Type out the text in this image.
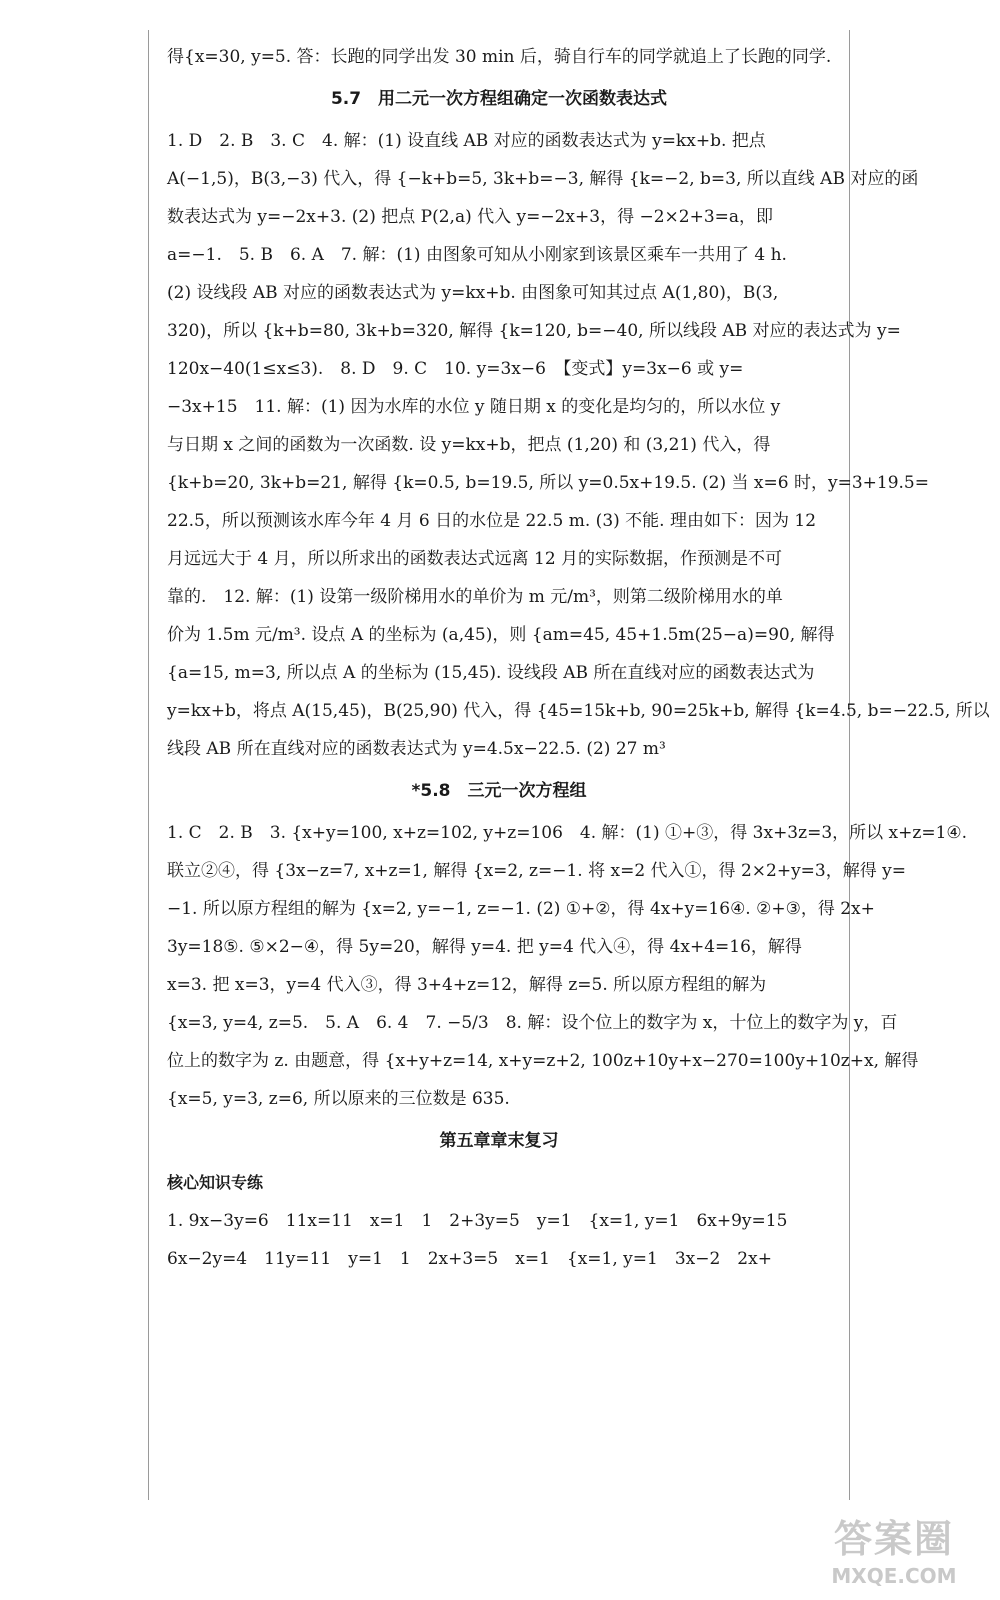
得{x=30, y=5. 答：长跑的同学出发 30 min 后，骑自行车的同学就追上了长跑的同学.
5.7　用二元一次方程组确定一次函数表达式
1. D　2. B　3. C　4. 解：(1) 设直线 AB 对应的函数表达式为 y=kx+b. 把点
A(−1,5)，B(3,−3) 代入，得 {−k+b=5, 3k+b=−3, 解得 {k=−2, b=3, 所以直线 AB 对应的函
数表达式为 y=−2x+3. (2) 把点 P(2,a) 代入 y=−2x+3，得 −2×2+3=a，即
a=−1.　5. B　6. A　7. 解：(1) 由图象可知从小刚家到该景区乘车一共用了 4 h.
(2) 设线段 AB 对应的函数表达式为 y=kx+b. 由图象可知其过点 A(1,80)，B(3,
320)，所以 {k+b=80, 3k+b=320, 解得 {k=120, b=−40, 所以线段 AB 对应的表达式为 y=
120x−40(1≤x≤3).　8. D　9. C　10. y=3x−6　【变式】y=3x−6 或 y=
−3x+15　11. 解：(1) 因为水库的水位 y 随日期 x 的变化是均匀的，所以水位 y
与日期 x 之间的函数为一次函数. 设 y=kx+b，把点 (1,20) 和 (3,21) 代入，得
{k+b=20, 3k+b=21, 解得 {k=0.5, b=19.5, 所以 y=0.5x+19.5. (2) 当 x=6 时，y=3+19.5=
22.5，所以预测该水库今年 4 月 6 日的水位是 22.5 m. (3) 不能. 理由如下：因为 12
月远远大于 4 月，所以所求出的函数表达式远离 12 月的实际数据，作预测是不可
靠的.　12. 解：(1) 设第一级阶梯用水的单价为 m 元/m³，则第二级阶梯用水的单
价为 1.5m 元/m³. 设点 A 的坐标为 (a,45)，则 {am=45, 45+1.5m(25−a)=90, 解得
{a=15, m=3, 所以点 A 的坐标为 (15,45). 设线段 AB 所在直线对应的函数表达式为
y=kx+b，将点 A(15,45)，B(25,90) 代入，得 {45=15k+b, 90=25k+b, 解得 {k=4.5, b=−22.5, 所以
线段 AB 所在直线对应的函数表达式为 y=4.5x−22.5. (2) 27 m³
*5.8　三元一次方程组
1. C　2. B　3. {x+y=100, x+z=102, y+z=106　4. 解：(1) ①+③，得 3x+3z=3，所以 x+z=1④.
联立②④，得 {3x−z=7, x+z=1, 解得 {x=2, z=−1. 将 x=2 代入①，得 2×2+y=3，解得 y=
−1. 所以原方程组的解为 {x=2, y=−1, z=−1. (2) ①+②，得 4x+y=16④. ②+③，得 2x+
3y=18⑤. ⑤×2−④，得 5y=20，解得 y=4. 把 y=4 代入④，得 4x+4=16，解得
x=3. 把 x=3，y=4 代入③，得 3+4+z=12，解得 z=5. 所以原方程组的解为
{x=3, y=4, z=5.　5. A　6. 4　7. −5/3　8. 解：设个位上的数字为 x，十位上的数字为 y，百
位上的数字为 z. 由题意，得 {x+y+z=14, x+y=z+2, 100z+10y+x−270=100y+10z+x, 解得
{x=5, y=3, z=6, 所以原来的三位数是 635.
第五章章末复习
核心知识专练
1. 9x−3y=6　11x=11　x=1　1　2+3y=5　y=1　{x=1, y=1　6x+9y=15
6x−2y=4　11y=11　y=1　1　2x+3=5　x=1　{x=1, y=1　3x−2　2x+
答案圈
MXQE.COM
